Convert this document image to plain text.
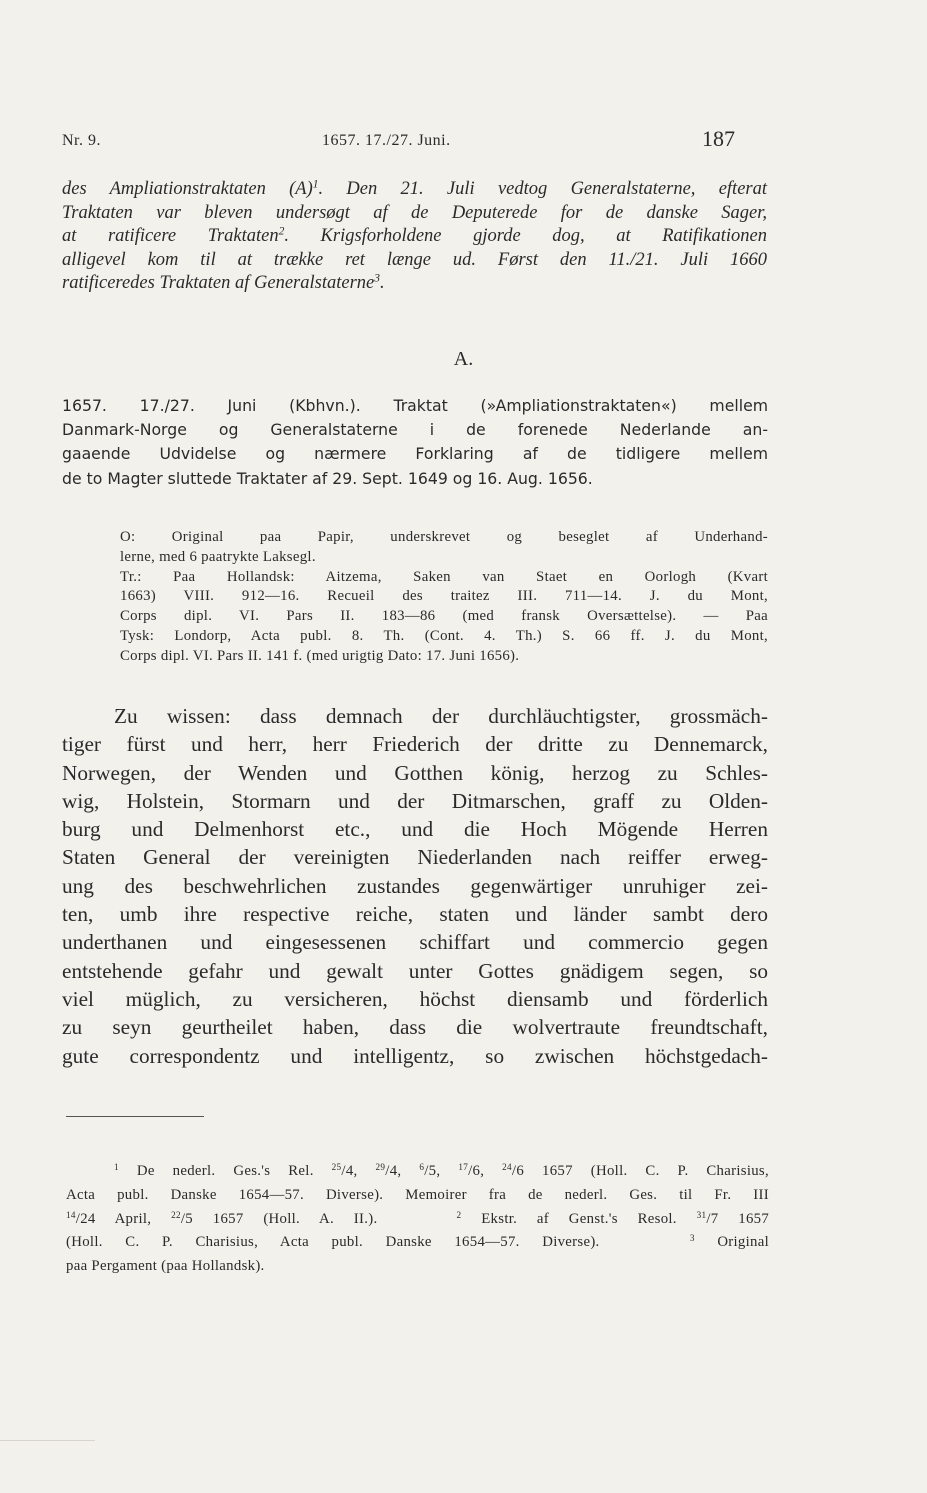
Nr. 9.	1657. 17./27. Juni.	187
des Ampliationstraktaten $(A)^1$. Den 21. Juli vedtog Generalstaterne, efterat
Traktaten var bleven undersøgt af de Deputerede for de danske Sager,
at ratificere Traktaten$^2$. Krigsforholdene gjorde dog, at Ratifikationen
alligevel kom til at trække ret længe ud. Først den 11./21. Juli 1660
ratificeredes Traktaten af Generalstaterne$^3$.
A.
1657. 17./27. Juni (Kbhvn.). Traktat (»Ampliationstraktaten«) mellem
Danmark-Norge og Generalstaterne i de forenede Nederlande an-
gaaende Udvidelse og nærmere Forklaring af de tidligere mellem
de to Magter sluttede Traktater af 29. Sept. 1649 og 16. Aug. 1656.
O: Original paa Papir, underskrevet og beseglet af Underhand-
lerne, med 6 paatrykte Laksegl.
Tr.: Paa Hollandsk: Aitzema, Saken van Staet en Oorlogh (Kvart
1663) VIII. 912—16. Recueil des traitez III. 711—14. J. du Mont,
Corps dipl. VI. Pars II. 183—86 (med fransk Oversættelse). — Paa
Tysk: Londorp, Acta publ. 8. Th. (Cont. 4. Th.) S. 66 ff. J. du Mont,
Corps dipl. VI. Pars II. 141 f. (med urigtig Dato: 17. Juni 1656).
Zu wissen: dass demnach der durchläuchtigster, grossmäch-
tiger fürst und herr, herr Friederich der dritte zu Dennemarck,
Norwegen, der Wenden und Gotthen könig, herzog zu Schles-
wig, Holstein, Stormarn und der Ditmarschen, graff zu Olden-
burg und Delmenhorst etc., und die Hoch Mögende Herren
Staten General der vereinigten Niederlanden nach reiffer erweg-
ung des beschwehrlichen zustandes gegenwärtiger unruhiger zei-
ten, umb ihre respective reiche, staten und länder sambt dero
underthanen und eingesessenen schiffart und commercio gegen
entstehende gefahr und gewalt unter Gottes gnädigem segen, so
viel müglich, zu versicheren, höchst diensamb und förderlich
zu seyn geurtheilet haben, dass die wolvertraute freundtschaft,
gute correspondentz und intelligentz, so zwischen höchstgedach-
$^1$ De nederl. Ges.'s Rel. $^{25}$/4, $^{29}$/4, $^6$/5, $^{17}$/6, $^{24}$/6 1657 (Holl. C. P. Charisius,
Acta publ. Danske 1654—57. Diverse). Memoirer fra de nederl. Ges. til Fr. III
$^{14}$/24 April, $^{22}$/5 1657 (Holl. A. II.).	$^2$ Ekstr. af Genst.'s Resol. $^{31}$/7 1657
(Holl. C. P. Charisius, Acta publ. Danske 1654—57. Diverse).	$^3$ Original
paa Pergament (paa Hollandsk).
